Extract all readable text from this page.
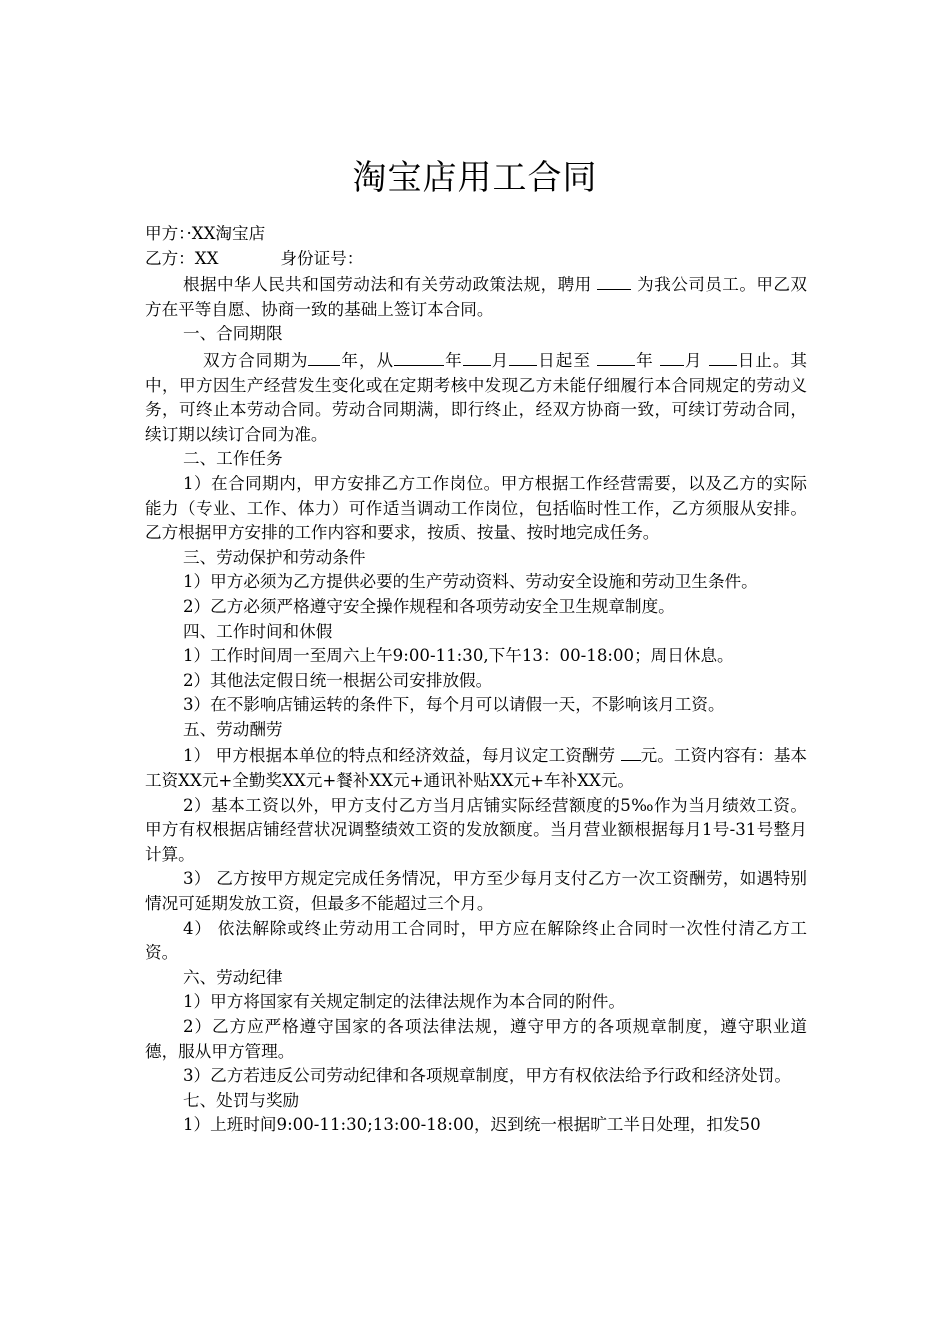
淘宝店用工合同

甲方：·XX淘宝店

乙方：XX	身份证号：

根据中华人民共和国劳动法和有关劳动政策法规，聘用	为我公司员工。甲乙双方在平等自愿、协商一致的基础上签订本合同。

一、合同期限

双方合同期为 年，从	年 月 日起至	年 月 日止。其中，甲方因生产经营发生变化或在定期考核中发现乙方未能仔细履行本合同规定的劳动义务，可终止本劳动合同。劳动合同期满，即行终止，经双方协商一致，可续订劳动合同，续订期以续订合同为准。

二、工作任务

1）在合同期内，甲方安排乙方工作岗位。甲方根据工作经营需要，以及乙方的实际能力（专业、工作、体力）可作适当调动工作岗位，包括临时性工作，乙方须服从安排。乙方根据甲方安排的工作内容和要求，按质、按量、按时地完成任务。

三、劳动保护和劳动条件

1）甲方必须为乙方提供必要的生产劳动资料、劳动安全设施和劳动卫生条件。

2）乙方必须严格遵守安全操作规程和各项劳动安全卫生规章制度。

四、工作时间和休假

1）工作时间周一至周六上午9:00-11:30,下午13：00-18:00；周日休息。

2）其他法定假日统一根据公司安排放假。

3）在不影响店铺运转的条件下，每个月可以请假一天，不影响该月工资。

五、劳动酬劳

1） 甲方根据本单位的特点和经济效益，每月议定工资酬劳 元。工资内容有：基本工资XX元+全勤奖XX元+餐补XX元+通讯补贴XX元+车补XX元。

2）基本工资以外，甲方支付乙方当月店铺实际经营额度的5‰作为当月绩效工资。甲方有权根据店铺经营状况调整绩效工资的发放额度。当月营业额根据每月1号-31号整月计算。

3） 乙方按甲方规定完成任务情况，甲方至少每月支付乙方一次工资酬劳，如遇特别情况可延期发放工资，但最多不能超过三个月。

4） 依法解除或终止劳动用工合同时，甲方应在解除终止合同时一次性付清乙方工资。

六、劳动纪律

1）甲方将国家有关规定制定的法律法规作为本合同的附件。

2）乙方应严格遵守国家的各项法律法规，遵守甲方的各项规章制度，遵守职业道德，服从甲方管理。

3）乙方若违反公司劳动纪律和各项规章制度，甲方有权依法给予行政和经济处罚。

七、处罚与奖励

1）上班时间9:00-11:30;13:00-18:00，迟到统一根据旷工半日处理，扣发50
